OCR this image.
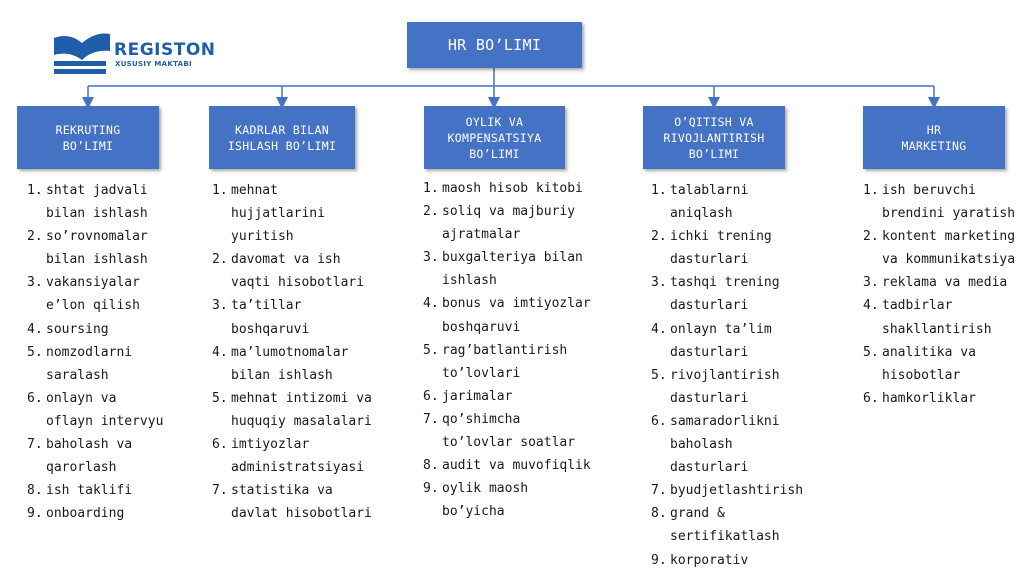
REGISTON
XUSUSIY MAKTABI
HR BO’LIMI
REKRUTING
BO’LIMI
KADRLAR BILAN
ISHLASH BO’LIMI
OYLIK VA
KOMPENSATSIYA
BO’LIMI
O’QITISH VA
RIVOJLANTIRISH
BO’LIMI
HR
MARKETING
shtat jadvali bilan ishlash
so’rovnomalar bilan ishlash
vakansiyalar e’lon qilish
soursing
nomzodlarni saralash
onlayn va oflayn intervyu
baholash va qarorlash
ish taklifi
onboarding
mehnat hujjatlarini yuritish
davomat va ish vaqti hisobotlari
ta’tillar boshqaruvi
ma’lumotnomalar bilan ishlash
mehnat intizomi va huquqiy masalalari
imtiyozlar administratsiyasi
statistika va davlat hisobotlari
maosh hisob kitobi
soliq va majburiy ajratmalar
buxgalteriya bilan ishlash
bonus va imtiyozlar boshqaruvi
rag’batlantirish to’lovlari
jarimalar
qo’shimcha to’lovlar soatlar
audit va muvofiqlik
oylik maosh bo’yicha
talablarni aniqlash
ichki trening dasturlari
tashqi trening dasturlari
onlayn ta’lim dasturlari
rivojlantirish dasturlari
samaradorlikni baholash dasturlari
byudjetlashtirish
grand & sertifikatlash
korporativ
ish beruvchi brendini yaratish
kontent marketing va kommunikatsiya
reklama va media
tadbirlar shakllantirish
analitika va hisobotlar
hamkorliklar
